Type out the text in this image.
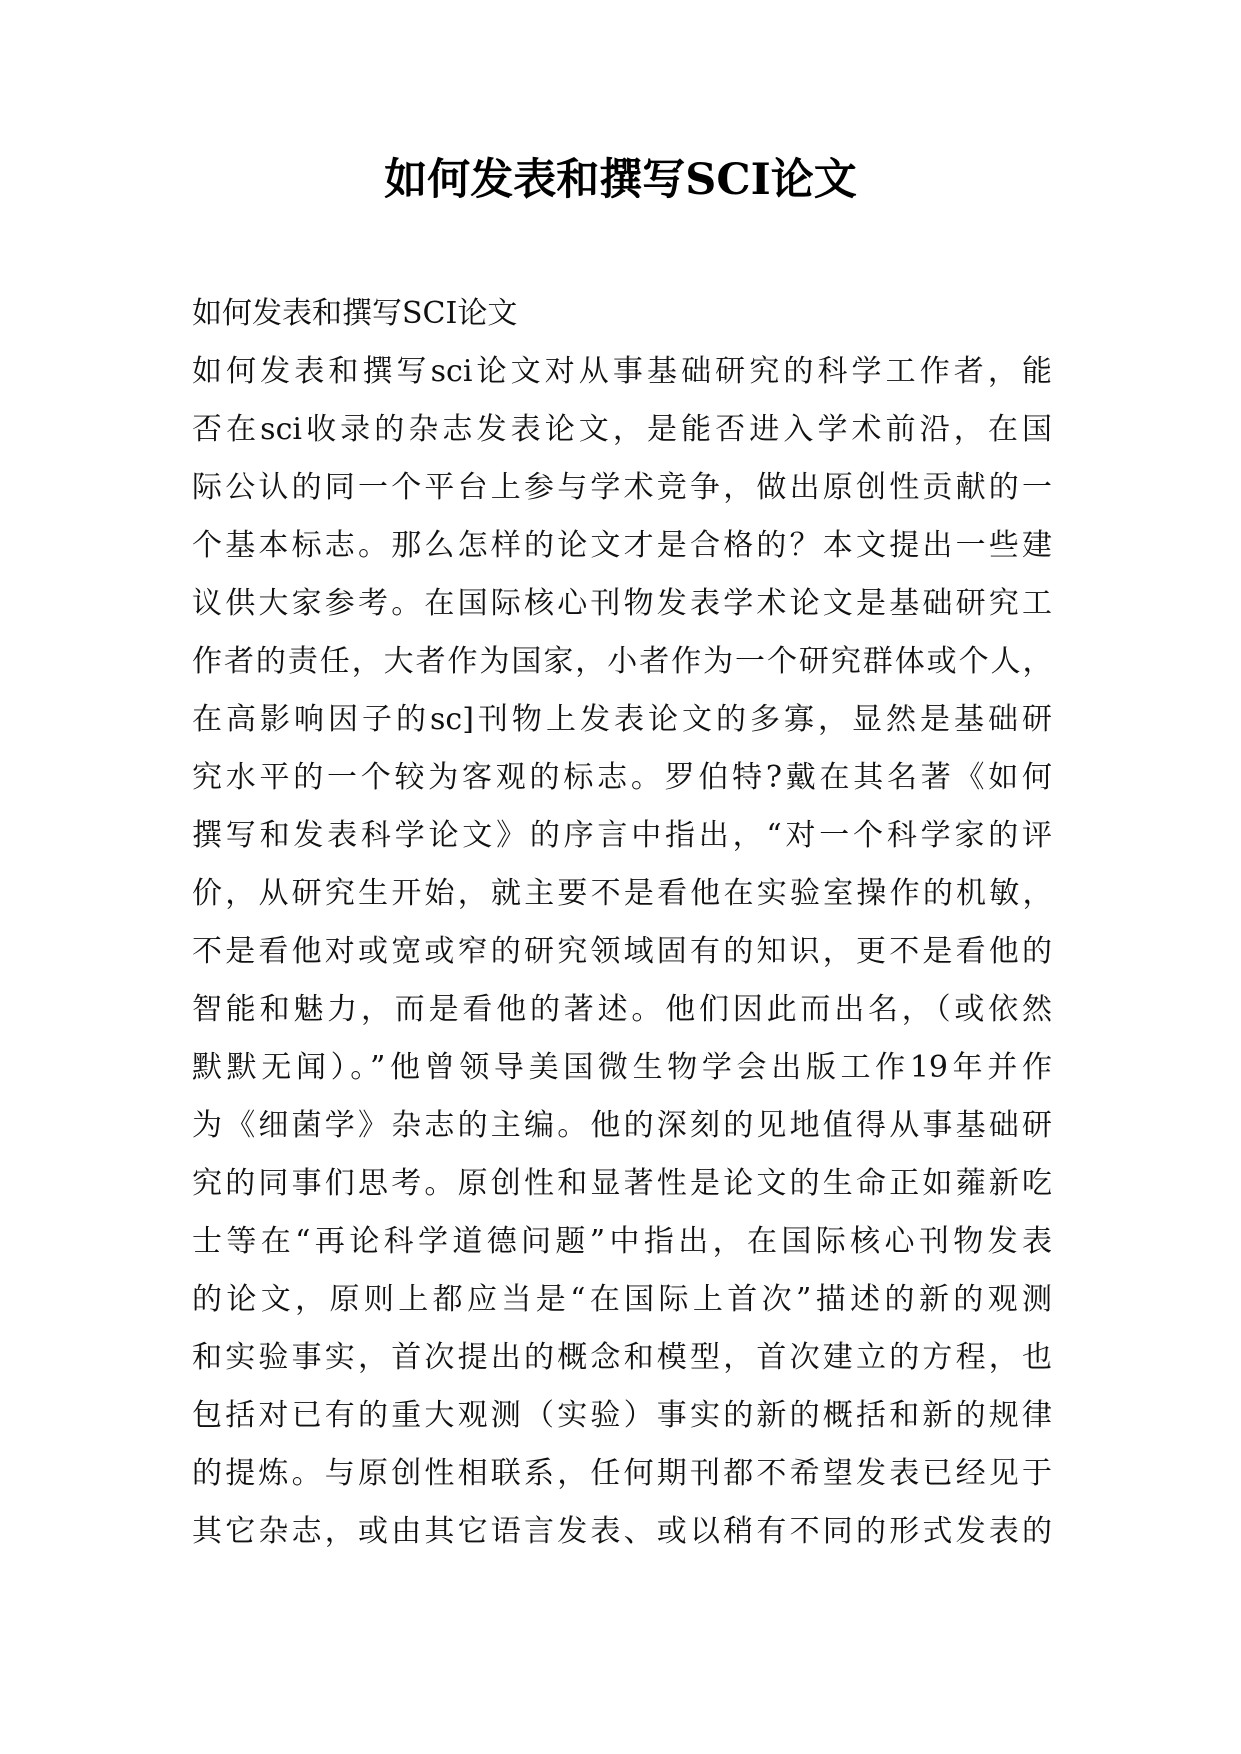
如何发表和撰写SCI论文
如何发表和撰写SCI论文
如何发表和撰写sci论文对从事基础研究的科学工作者，能
否在sci收录的杂志发表论文，是能否进入学术前沿，在国
际公认的同一个平台上参与学术竞争，做出原创性贡献的一
个基本标志。那么怎样的论文才是合格的？本文提出一些建
议供大家参考。在国际核心刊物发表学术论文是基础研究工
作者的责任，大者作为国家，小者作为一个研究群体或个人，
在高影响因子的sc]刊物上发表论文的多寡，显然是基础研
究水平的一个较为客观的标志。罗伯特?戴在其名著《如何
撰写和发表科学论文》的序言中指出，“对一个科学家的评
价，从研究生开始，就主要不是看他在实验室操作的机敏，
不是看他对或宽或窄的研究领域固有的知识，更不是看他的
智能和魅力，而是看他的著述。他们因此而出名，（或依然
默默无闻）。”他曾领导美国微生物学会出版工作19年并作
为《细菌学》杂志的主编。他的深刻的见地值得从事基础研
究的同事们思考。原创性和显著性是论文的生命正如蕹新吃
士等在“再论科学道德问题”中指出，在国际核心刊物发表
的论文，原则上都应当是“在国际上首次”描述的新的观测
和实验事实，首次提出的概念和模型，首次建立的方程，也
包括对已有的重大观测（实验）事实的新的概括和新的规律
的提炼。与原创性相联系，任何期刊都不希望发表已经见于
其它杂志，或由其它语言发表、或以稍有不同的形式发表的
